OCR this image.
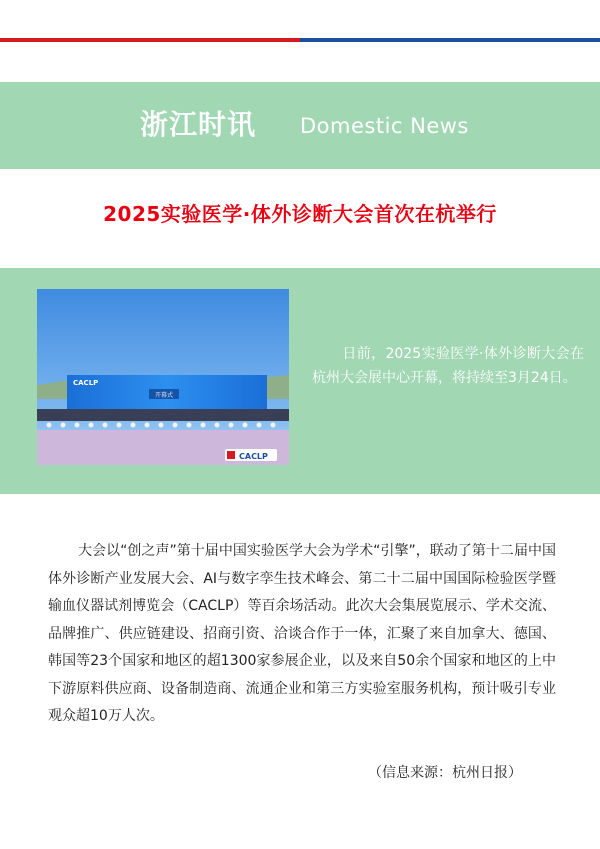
浙江时讯 Domestic News
2025实验医学·体外诊断大会首次在杭举行
CACLP
开幕式
CACLP
日前，2025实验医学·体外诊断大会在杭州大会展中心开幕，将持续至3月24日。
大会以“创之声”第十届中国实验医学大会为学术“引擎”，联动了第十二届中国体外诊断产业发展大会、AI与数字孪生技术峰会、第二十二届中国国际检验医学暨输血仪器试剂博览会（CACLP）等百余场活动。此次大会集展览展示、学术交流、品牌推广、供应链建设、招商引资、洽谈合作于一体，汇聚了来自加拿大、德国、韩国等23个国家和地区的超1300家参展企业，以及来自50余个国家和地区的上中下游原料供应商、设备制造商、流通企业和第三方实验室服务机构，预计吸引专业观众超10万人次。
（信息来源：杭州日报）
